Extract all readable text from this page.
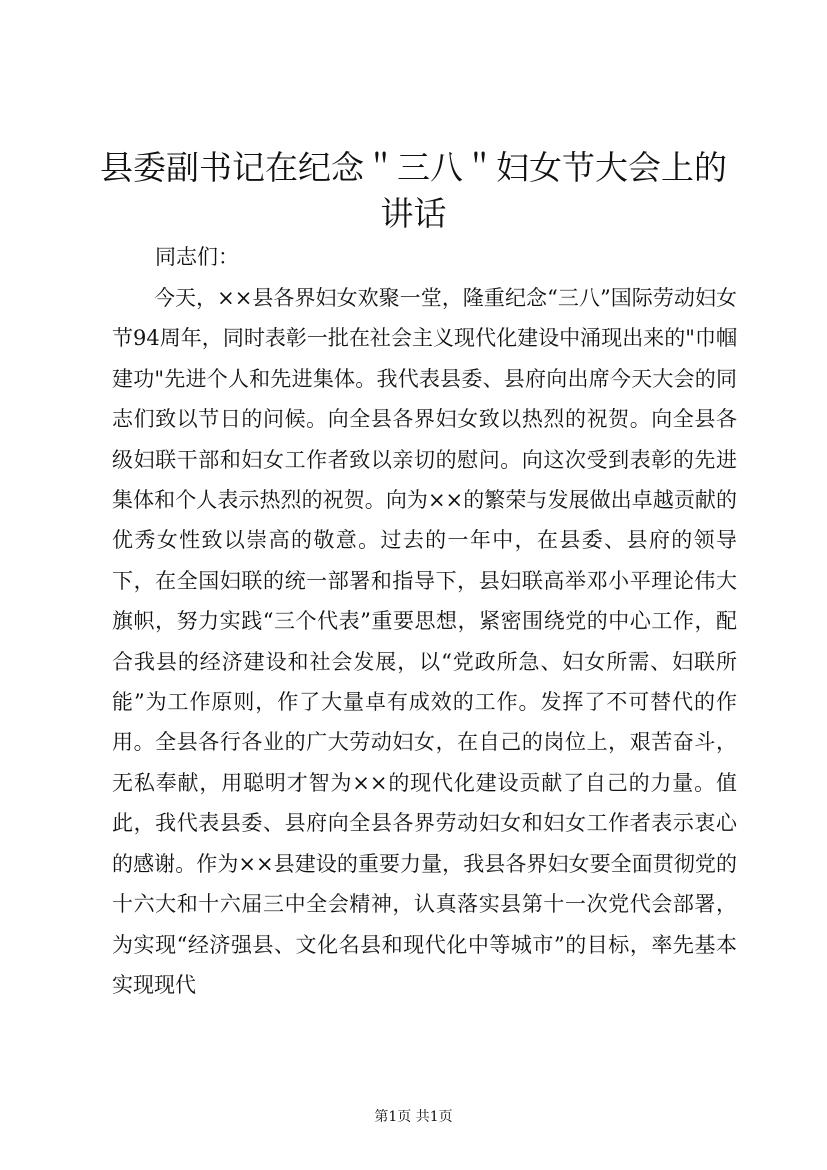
县委副书记在纪念＂三八＂妇女节大会上的讲话

同志们：

今天，××县各界妇女欢聚一堂，隆重纪念“三八”国际劳动妇女节94周年，同时表彰一批在社会主义现代化建设中涌现出来的"巾帼建功"先进个人和先进集体。我代表县委、县府向出席今天大会的同志们致以节日的问候。向全县各界妇女致以热烈的祝贺。向全县各级妇联干部和妇女工作者致以亲切的慰问。向这次受到表彰的先进集体和个人表示热烈的祝贺。向为××的繁荣与发展做出卓越贡献的优秀女性致以崇高的敬意。过去的一年中，在县委、县府的领导下，在全国妇联的统一部署和指导下，县妇联高举邓小平理论伟大旗帜，努力实践“三个代表”重要思想，紧密围绕党的中心工作，配合我县的经济建设和社会发展，以“党政所急、妇女所需、妇联所能”为工作原则，作了大量卓有成效的工作。发挥了不可替代的作用。全县各行各业的广大劳动妇女，在自己的岗位上，艰苦奋斗，无私奉献，用聪明才智为××的现代化建设贡献了自己的力量。值此，我代表县委、县府向全县各界劳动妇女和妇女工作者表示衷心的感谢。作为××县建设的重要力量，我县各界妇女要全面贯彻党的十六大和十六届三中全会精神，认真落实县第十一次党代会部署，为实现“经济强县、文化名县和现代化中等城市”的目标，率先基本实现现代

第1页 共1页
